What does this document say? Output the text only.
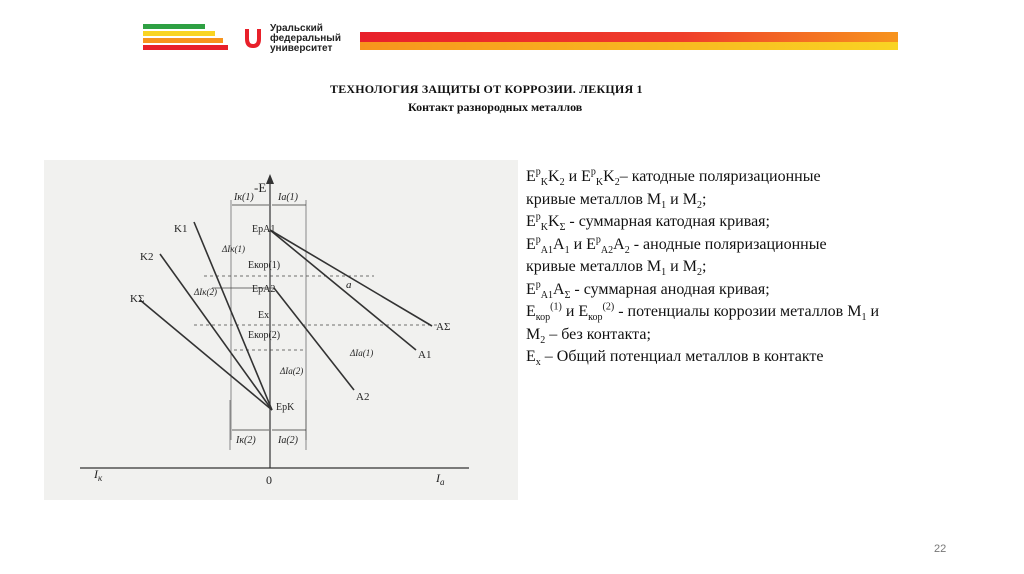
Уральский
федеральный
университет
ТЕХНОЛОГИЯ ЗАЩИТЫ ОТ КОРРОЗИИ. ЛЕКЦИЯ 1
Контакт разнородных металлов
-E
0
$I_к$	$I_a$
K1
K2
KΣ
AΣ
A1
A2
a
EpA1
Eкор(1)
EpA2
Ex
Eкор(2)
EpK
Iк(1) Ia(1)
ΔIк(1)
ΔIк(2)
ΔIa(1)
ΔIa(2)
Iк(2) Ia(2)
$E^p_KK_2$ и $E^p_KK_2-$ катодные поляризационные
кривые металлов $M_1$ и $M_2$;
$E^p_KK_\Sigma$ - суммарная катодная кривая;
$E^p_{A1}A_1$ и $E^p_{A2}A_2$ - анодные поляризационные
кривые металлов $M_1$ и $M_2$;
$E^p_{A1}A_\Sigma$ - суммарная анодная кривая;
$E_{кор}^{(1)}$ и $E_{кор}^{(2)}$ - потенциалы коррозии металлов $M_1$ и
$M_2$ – без контакта;
$E_x$ – Общий потенциал металлов в контакте
22
